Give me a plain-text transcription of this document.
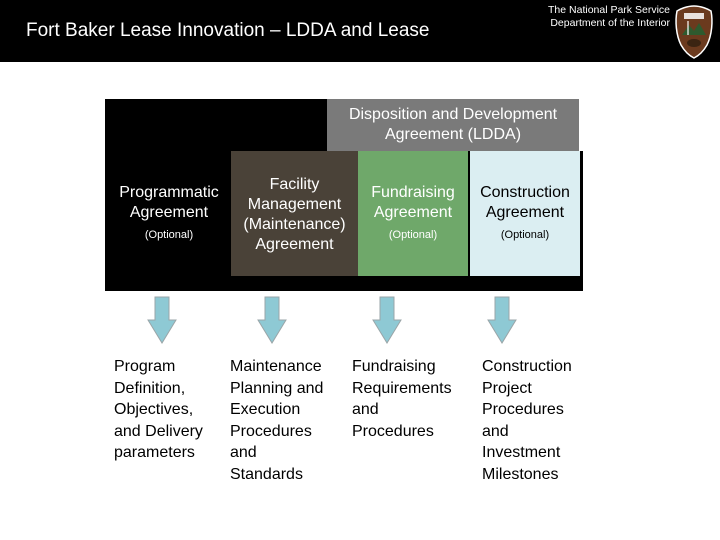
Fort Baker Lease Innovation – LDDA and Lease
The National Park Service
Department of the Interior
Disposition and Development
Agreement (LDDA)
Programmatic
Agreement
(Optional)
Facility
Management
(Maintenance)
Agreement
Fundraising
Agreement
(Optional)
Construction
Agreement
(Optional)
Program
Definition,
Objectives,
and Delivery
parameters
Maintenance
Planning and
Execution
Procedures
and
Standards
Fundraising
Requirements
and
Procedures
Construction
Project
Procedures
and
Investment
Milestones
